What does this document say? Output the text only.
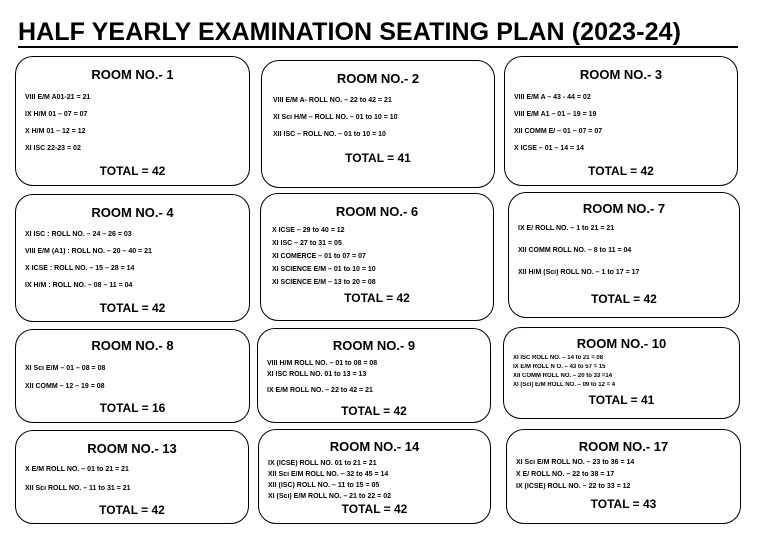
HALF YEARLY EXAMINATION SEATING PLAN (2023-24)
ROOM NO.- 1
VIII E/M A01-21 = 21
IX H/M 01 – 07 = 07
X H/M 01 – 12 = 12
XI ISC 22-23 = 02
TOTAL = 42
ROOM NO.- 2
VIII E/M A- ROLL NO. – 22 to 42 = 21
XI Sci H/M – ROLL NO. – 01 to 10 = 10
XII ISC – ROLL NO. – 01 to 10 = 10
TOTAL = 41
ROOM NO.- 3
VIII E/M A – 43 - 44 = 02
VIII E/M A1 – 01 – 19 = 19
XII COMM E/ – 01 – 07 = 07
X ICSE – 01 – 14 = 14
TOTAL = 42
ROOM NO.- 4
XI ISC : ROLL NO. – 24 – 26 = 03
VIII E/M (A1) : ROLL NO. – 20 – 40 = 21
X ICSE : ROLL NO. – 15 – 28 = 14
IX H/M : ROLL NO. – 08 – 11 = 04
TOTAL = 42
ROOM NO.- 6
X ICSE – 29 to 40 = 12
XI ISC – 27 to 31 = 05
XI COMERCE – 01 to 07 = 07
XI SCIENCE E/M – 01 to 10 = 10
XI SCIENCE E/M – 13 to 20 = 08
TOTAL = 42
ROOM NO.- 7
IX E/ ROLL NO. – 1 to 21 = 21
XII COMM ROLL NO. – 8 to 11 = 04
XII H/M (Sci) ROLL NO. – 1 to 17 = 17
TOTAL = 42
ROOM NO.- 8
XI Sci E/M – 01 – 08 = 08
XII COMM – 12 – 19 = 08
TOTAL = 16
ROOM NO.- 9
VIII H/M ROLL NO. – 01 to 08 = 08
XI ISC ROLL NO. 01 to 13 = 13
IX E/M ROLL NO. – 22 to 42 = 21
TOTAL = 42
ROOM NO.- 10
XI ISC ROLL NO. – 14 to 21 = 08
IX E/M ROLL N O. – 43 to 57 = 15
XII COMM ROLL NO. – 20 to 33 =14
XI (Sci) E/M ROLL NO. – 09 to 12 = 4
TOTAL = 41
ROOM NO.- 13
X E/M ROLL NO. – 01 to 21 = 21
XII Sci ROLL NO. – 11 to 31 = 21
TOTAL = 42
ROOM NO.- 14
IX (ICSE) ROLL NO. 01 to 21 = 21
XII Sci E/M ROLL NO. – 32 to 45 = 14
XII (ISC) ROLL NO. – 11 to 15 = 05
XI (Sci) E/M ROLL NO. – 21 to 22 = 02
TOTAL = 42
ROOM NO.- 17
XI Sci E/M ROLL NO. – 23 to 36 = 14
X E/ ROLL NO. – 22 to 38 = 17
IX (ICSE) ROLL NO. – 22 to 33 = 12
TOTAL = 43
